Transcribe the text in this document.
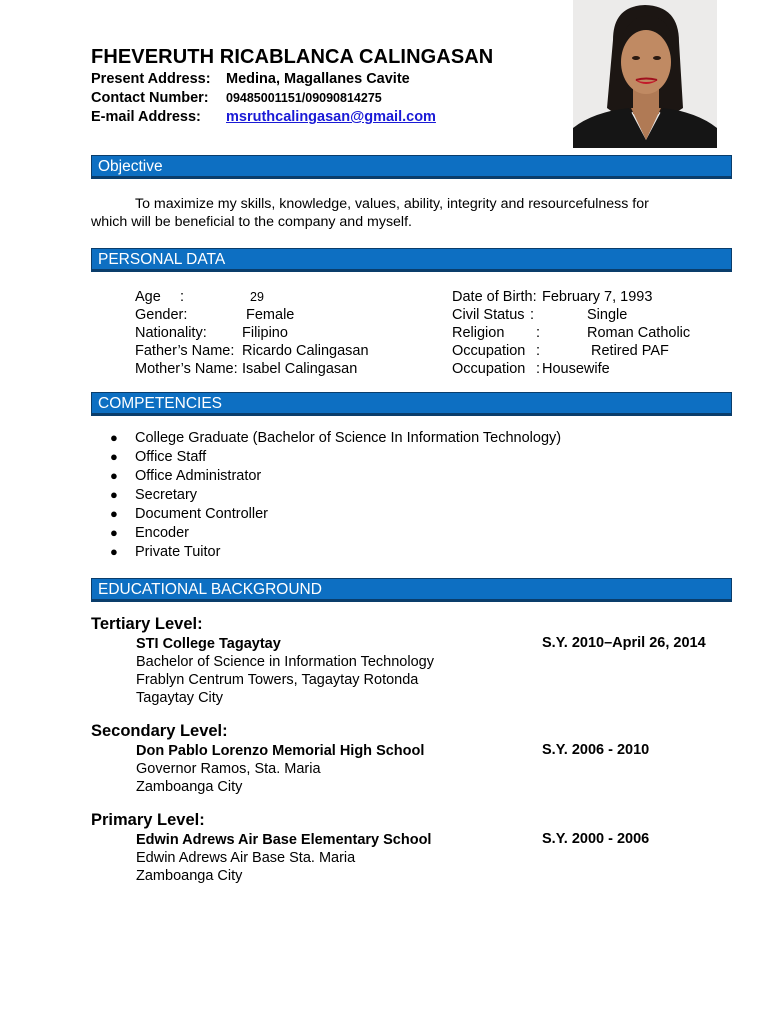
FHEVERUTH RICABLANCA CALINGASAN
Present Address: Medina, Magallanes Cavite
Contact Number: 09485001151/09090814275
E-mail Address: msruthcalingasan@gmail.com
Objective
To maximize my skills, knowledge, values, ability, integrity and resourcefulness for
which will be beneficial to the company and myself.
PERSONAL DATA
Age :	29
Gender:	Female
Nationality: Filipino
Father’s Name: Ricardo Calingasan
Mother’s Name: Isabel Calingasan
Date of Birth: February 7, 1993
Civil Status :	Single
Religion :	Roman Catholic
Occupation :	Retired PAF
Occupation : Housewife
COMPETENCIES
● College Graduate (Bachelor of Science In Information Technology)
● Office Staff
● Office Administrator
● Secretary
● Document Controller
● Encoder
● Private Tuitor
EDUCATIONAL BACKGROUND
Tertiary Level:
STI College Tagaytay
Bachelor of Science in Information Technology
Frablyn Centrum Towers, Tagaytay Rotonda
Tagaytay City
S.Y. 2010–April 26, 2014
Secondary Level:
Don Pablo Lorenzo Memorial High School
Governor Ramos, Sta. Maria
Zamboanga City
S.Y. 2006 - 2010
Primary Level:
Edwin Adrews Air Base Elementary School
Edwin Adrews Air Base Sta. Maria
Zamboanga City
S.Y. 2000 - 2006
